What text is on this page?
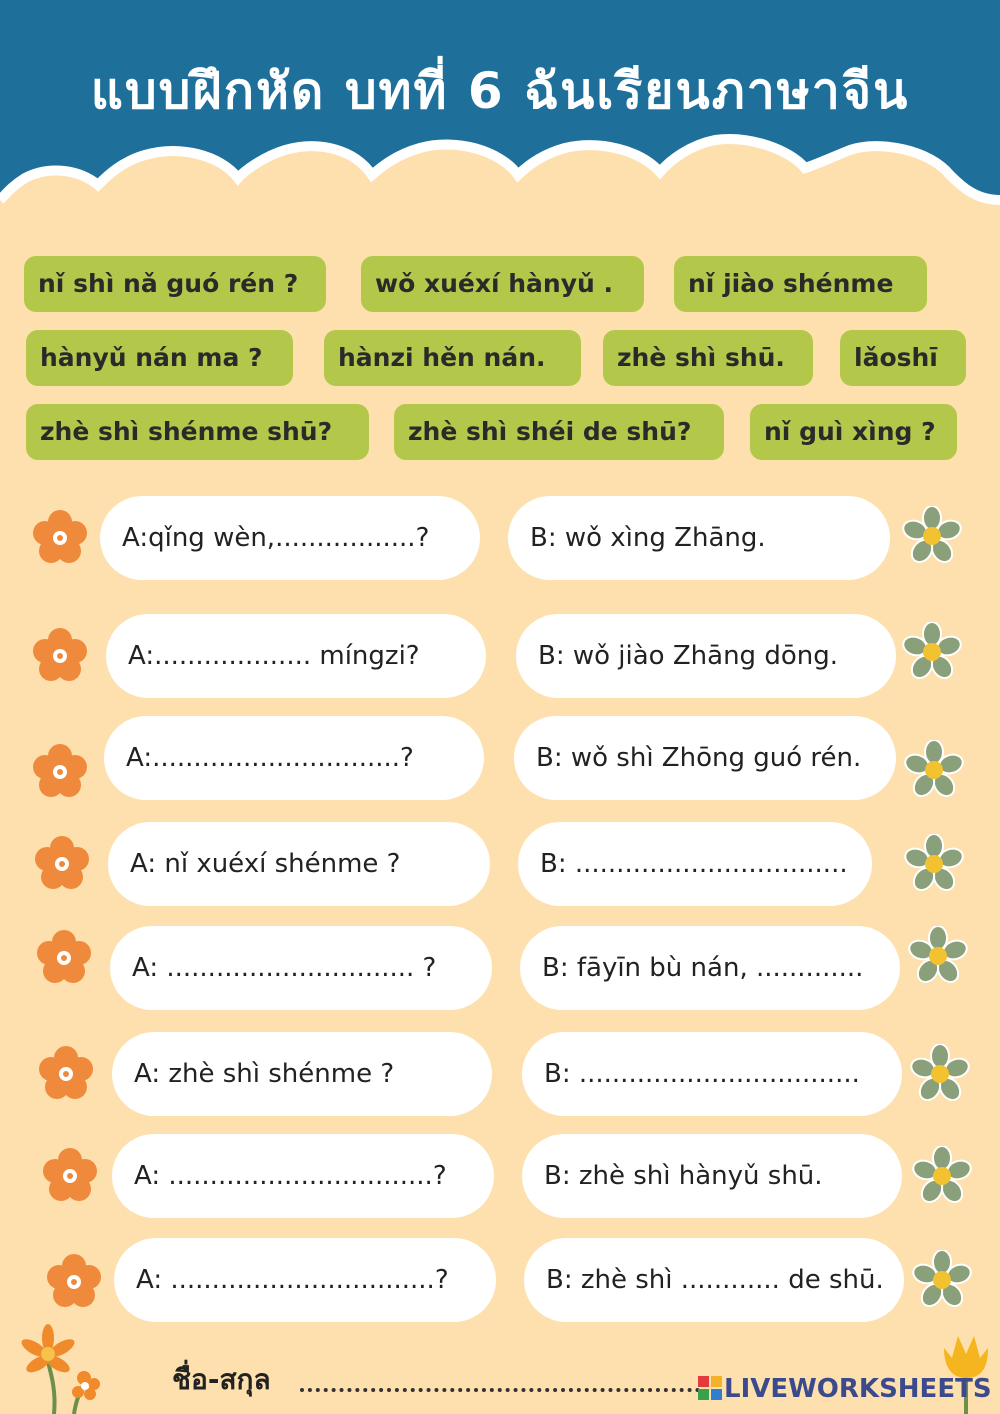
แบบฝึกหัด บทที่ 6 ฉันเรียนภาษาจีน
nǐ shì nǎ guó rén ?	wǒ xuéxí hànyǔ .	nǐ jiào shénme
hànyǔ nán ma ?	hànzi hěn nán.	zhè shì shū.	lǎoshī
zhè shì shénme shū?	zhè shì shéi de shū?	nǐ guì xìng ?
A:qǐng wèn,.................?	B: wǒ xìng Zhāng.
A:................... míngzi?	B: wǒ jiào Zhāng dōng.
A:..............................?	B: wǒ shì Zhōng guó rén.
A: nǐ xuéxí shénme ?	B: .................................
A: .............................. ?	B: fāyīn bù nán, .............
A: zhè shì shénme ?	B: ..................................
A: ................................?	B: zhè shì hànyǔ shū.
A: ................................?	B: zhè shì ............ de shū.
ชื่อ-สกุล	LIVEWORKSHEETS
